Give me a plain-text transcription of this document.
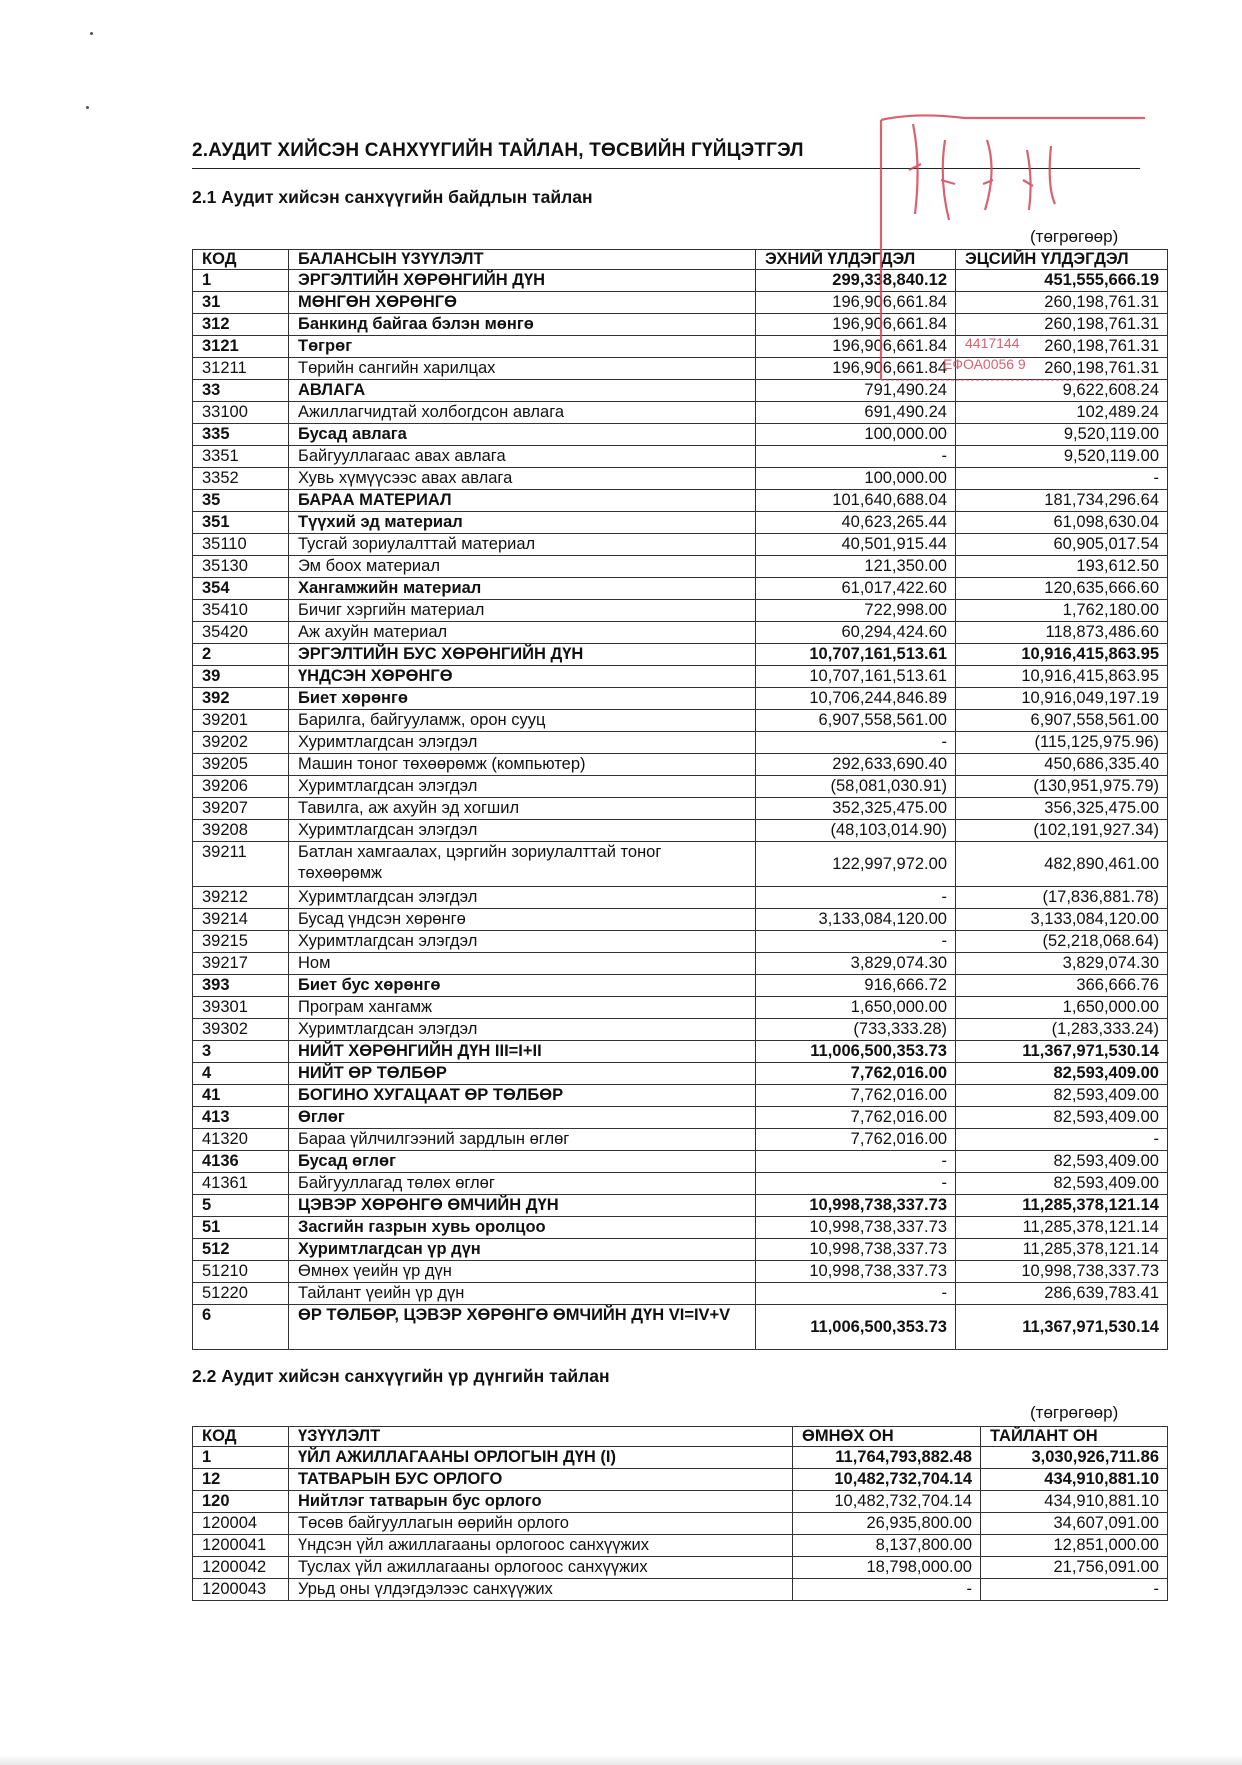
2.АУДИТ ХИЙСЭН САНХҮҮГИЙН ТАЙЛАН, ТӨСВИЙН ГҮЙЦЭТГЭЛ
2.1 Аудит хийсэн санхүүгийн байдлын тайлан
(төгрөгөөр)
КОД	БАЛАНСЫН ҮЗҮҮЛЭЛТ	ЭХНИЙ ҮЛДЭГДЭЛ	ЭЦСИЙН ҮЛДЭГДЭЛ
1	ЭРГЭЛТИЙН ХӨРӨНГИЙН ДҮН	299,338,840.12	451,555,666.19
31	МӨНГӨН ХӨРӨНГӨ	196,906,661.84	260,198,761.31
312	Банкинд байгаа бэлэн мөнгө	196,906,661.84	260,198,761.31
3121	Төгрөг	196,906,661.84	260,198,761.31
31211	Төрийн сангийн харилцах	196,906,661.84	260,198,761.31
33	АВЛАГА	791,490.24	9,622,608.24
33100	Ажиллагчидтай холбогдсон авлага	691,490.24	102,489.24
335	Бусад авлага	100,000.00	9,520,119.00
3351	Байгууллагаас авах авлага	-	9,520,119.00
3352	Хувь хүмүүсээс авах авлага	100,000.00	-
35	БАРАА МАТЕРИАЛ	101,640,688.04	181,734,296.64
351	Түүхий эд материал	40,623,265.44	61,098,630.04
35110	Тусгай зориулалттай материал	40,501,915.44	60,905,017.54
35130	Эм боох материал	121,350.00	193,612.50
354	Хангамжийн материал	61,017,422.60	120,635,666.60
35410	Бичиг хэргийн материал	722,998.00	1,762,180.00
35420	Аж ахуйн материал	60,294,424.60	118,873,486.60
2	ЭРГЭЛТИЙН БУС ХӨРӨНГИЙН ДҮН	10,707,161,513.61	10,916,415,863.95
39	ҮНДСЭН ХӨРӨНГӨ	10,707,161,513.61	10,916,415,863.95
392	Биет хөрөнгө	10,706,244,846.89	10,916,049,197.19
39201	Барилга, байгууламж, орон сууц	6,907,558,561.00	6,907,558,561.00
39202	Хуримтлагдсан элэгдэл	-	(115,125,975.96)
39205	Машин тоног төхөөрөмж (компьютер)	292,633,690.40	450,686,335.40
39206	Хуримтлагдсан элэгдэл	(58,081,030.91)	(130,951,975.79)
39207	Тавилга, аж ахуйн эд хогшил	352,325,475.00	356,325,475.00
39208	Хуримтлагдсан элэгдэл	(48,103,014.90)	(102,191,927.34)
39211	Батлан хамгаалах, цэргийн зориулалттай тоног төхөөрөмж	122,997,972.00	482,890,461.00
39212	Хуримтлагдсан элэгдэл	-	(17,836,881.78)
39214	Бусад үндсэн хөрөнгө	3,133,084,120.00	3,133,084,120.00
39215	Хуримтлагдсан элэгдэл	-	(52,218,068.64)
39217	Ном	3,829,074.30	3,829,074.30
393	Биет бус хөрөнгө	916,666.72	366,666.76
39301	Програм хангамж	1,650,000.00	1,650,000.00
39302	Хуримтлагдсан элэгдэл	(733,333.28)	(1,283,333.24)
3	НИЙТ ХӨРӨНГИЙН ДҮН III=I+II	11,006,500,353.73	11,367,971,530.14
4	НИЙТ ӨР ТӨЛБӨР	7,762,016.00	82,593,409.00
41	БОГИНО ХУГАЦААТ ӨР ТӨЛБӨР	7,762,016.00	82,593,409.00
413	Өглөг	7,762,016.00	82,593,409.00
41320	Бараа үйлчилгээний зардлын өглөг	7,762,016.00	-
4136	Бусад өглөг	-	82,593,409.00
41361	Байгууллагад төлөх өглөг	-	82,593,409.00
5	ЦЭВЭР ХӨРӨНГӨ ӨМЧИЙН ДҮН	10,998,738,337.73	11,285,378,121.14
51	Засгийн газрын хувь оролцоо	10,998,738,337.73	11,285,378,121.14
512	Хуримтлагдсан үр дүн	10,998,738,337.73	11,285,378,121.14
51210	Өмнөх үеийн үр дүн	10,998,738,337.73	10,998,738,337.73
51220	Тайлант үеийн үр дүн	-	286,639,783.41
6	ӨР ТӨЛБӨР, ЦЭВЭР ХӨРӨНГӨ ӨМЧИЙН ДҮН VI=IV+V	11,006,500,353.73	11,367,971,530.14
2.2 Аудит хийсэн санхүүгийн үр дүнгийн тайлан
(төгрөгөөр)
КОД	ҮЗҮҮЛЭЛТ	ӨМНӨХ ОН	ТАЙЛАНТ ОН
1	ҮЙЛ АЖИЛЛАГААНЫ ОРЛОГЫН ДҮН (I)	11,764,793,882.48	3,030,926,711.86
12	ТАТВАРЫН БУС ОРЛОГО	10,482,732,704.14	434,910,881.10
120	Нийтлэг татварын бус орлого	10,482,732,704.14	434,910,881.10
120004	Төсөв байгууллагын өөрийн орлого	26,935,800.00	34,607,091.00
1200041	Үндсэн үйл ажиллагааны орлогоос санхүүжих	8,137,800.00	12,851,000.00
1200042	Туслах үйл ажиллагааны орлогоос санхүүжих	18,798,000.00	21,756,091.00
1200043	Урьд оны үлдэгдэлээс санхүүжих	-	-
4417144
ЕФОА0056 9
